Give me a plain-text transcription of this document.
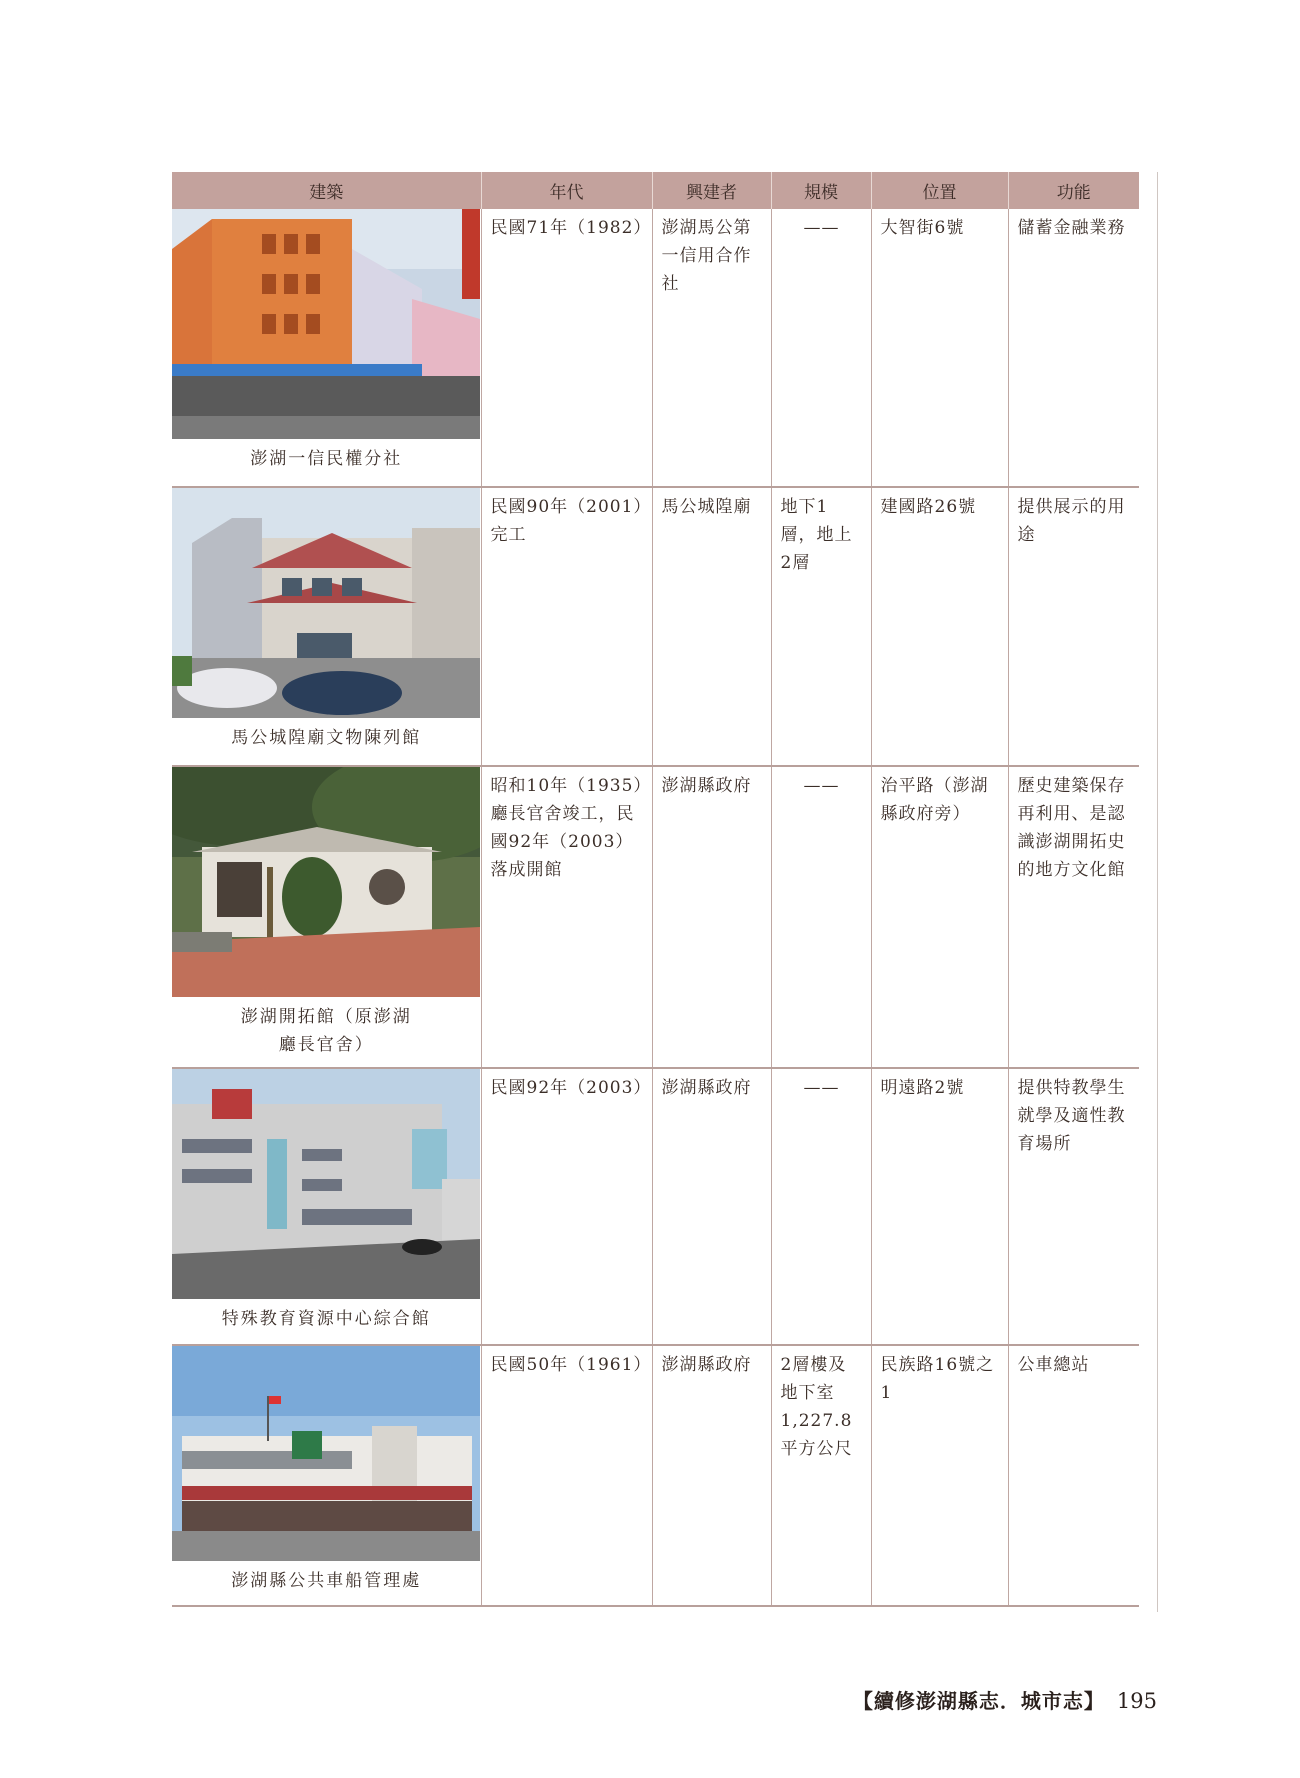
建築	年代	興建者	規模	位置	功能

澎湖一信民權分社	民國71年（1982）	澎湖馬公第一信用合作社	——	大智街6號	儲蓄金融業務

馬公城隍廟文物陳列館	民國90年（2001）完工	馬公城隍廟	地下1層，地上2層	建國路26號	提供展示的用途

澎湖開拓館（原澎湖廳長官舍）	昭和10年（1935）廳長官舍竣工，民國92年（2003）落成開館	澎湖縣政府	——	治平路（澎湖縣政府旁）	歷史建築保存再利用、是認識澎湖開拓史的地方文化館

特殊教育資源中心綜合館	民國92年（2003）	澎湖縣政府	——	明遠路2號	提供特教學生就學及適性教育場所

澎湖縣公共車船管理處	民國50年（1961）	澎湖縣政府	2層樓及地下室1,227.8平方公尺	民族路16號之1	公車總站
【續修澎湖縣志．城市志】 195
